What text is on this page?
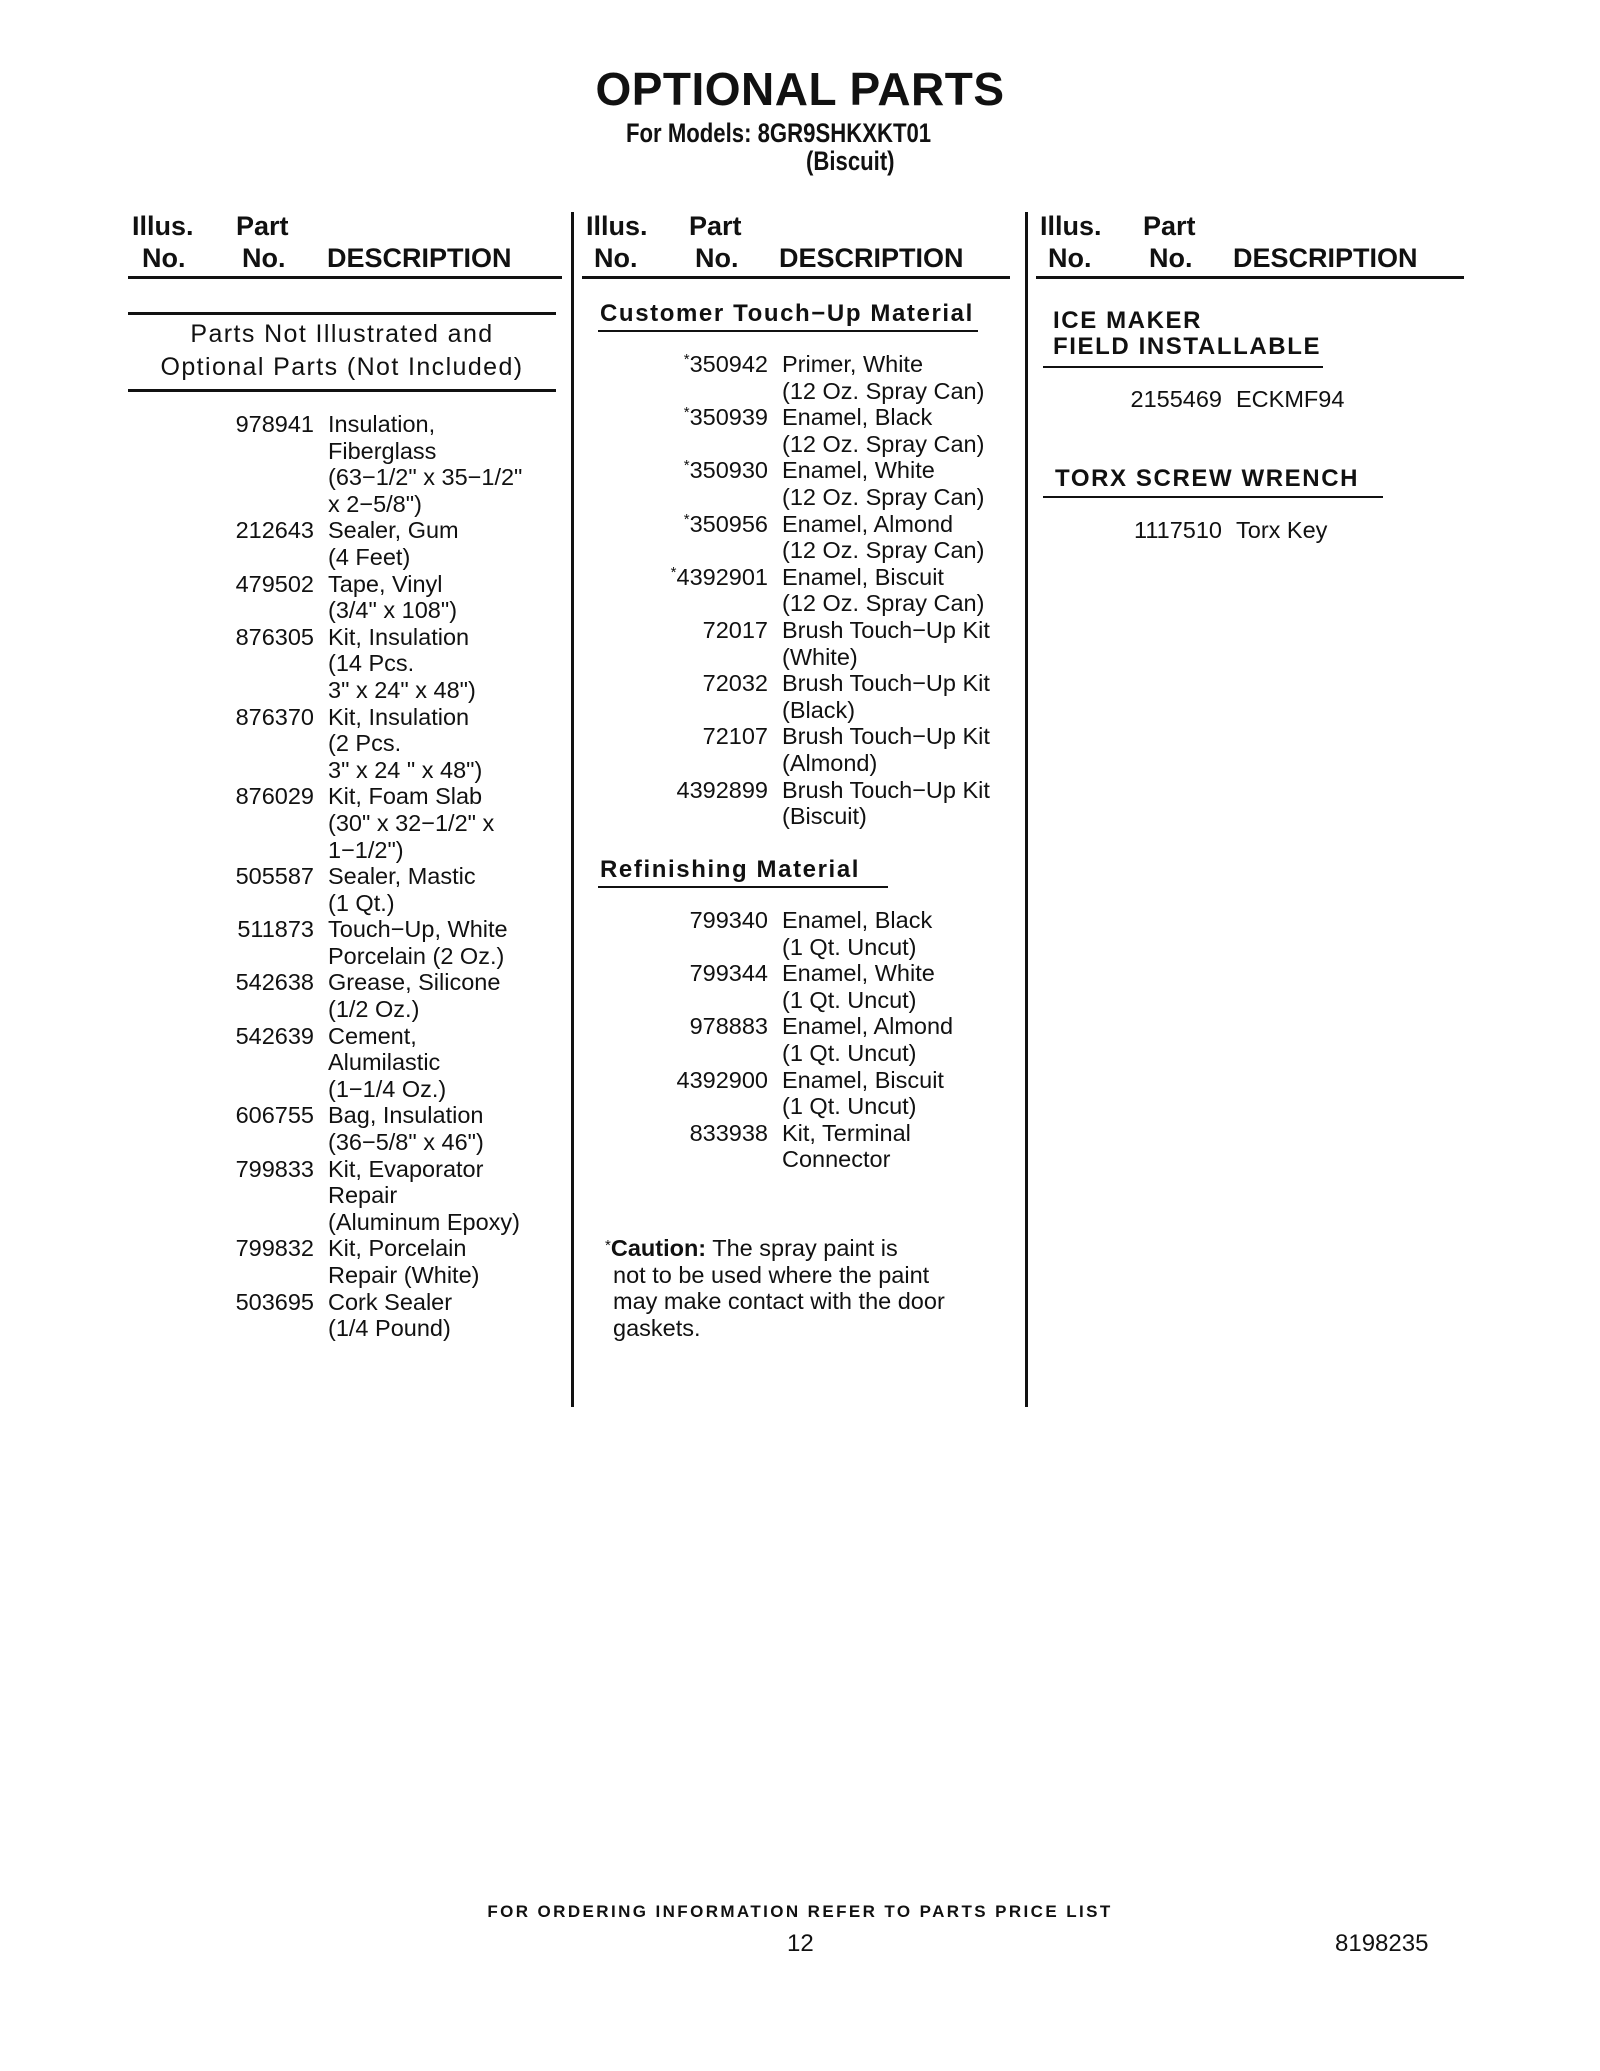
OPTIONAL PARTS
For Models: 8GR9SHKXKT01
(Biscuit)
Illus.
No.
Part
No. DESCRIPTION
Illus.
No.
Part
No. DESCRIPTION
Illus.
No.
Part
No. DESCRIPTION
Parts Not Illustrated and
Optional Parts (Not Included)
978941 Insulation,
Fiberglass
(63−1/2" x 35−1/2"
x 2−5/8")
212643 Sealer, Gum
(4 Feet)
479502 Tape, Vinyl
(3/4" x 108")
876305 Kit, Insulation
(14 Pcs.
3" x 24" x 48")
876370 Kit, Insulation
(2 Pcs.
3" x 24 " x 48")
876029 Kit, Foam Slab
(30" x 32−1/2" x
1−1/2")
505587 Sealer, Mastic
(1 Qt.)
511873 Touch−Up, White
Porcelain (2 Oz.)
542638 Grease, Silicone
(1/2 Oz.)
542639 Cement,
Alumilastic
(1−1/4 Oz.)
606755 Bag, Insulation
(36−5/8" x 46")
799833 Kit, Evaporator
Repair
(Aluminum Epoxy)
799832 Kit, Porcelain
Repair (White)
503695 Cork Sealer
(1/4 Pound)
Customer Touch−Up Material
*350942 Primer, White
(12 Oz. Spray Can)
*350939 Enamel, Black
(12 Oz. Spray Can)
*350930 Enamel, White
(12 Oz. Spray Can)
*350956 Enamel, Almond
(12 Oz. Spray Can)
*4392901 Enamel, Biscuit
(12 Oz. Spray Can)
72017 Brush Touch−Up Kit
(White)
72032 Brush Touch−Up Kit
(Black)
72107 Brush Touch−Up Kit
(Almond)
4392899 Brush Touch−Up Kit
(Biscuit)
Refinishing Material
799340 Enamel, Black
(1 Qt. Uncut)
799344 Enamel, White
(1 Qt. Uncut)
978883 Enamel, Almond
(1 Qt. Uncut)
4392900 Enamel, Biscuit
(1 Qt. Uncut)
833938 Kit, Terminal
Connector
*Caution: The spray paint is
not to be used where the paint
may make contact with the door
gaskets.
ICE MAKER
FIELD INSTALLABLE
2155469 ECKMF94
TORX SCREW WRENCH
1117510 Torx Key
FOR ORDERING INFORMATION REFER TO PARTS PRICE LIST
12	8198235
